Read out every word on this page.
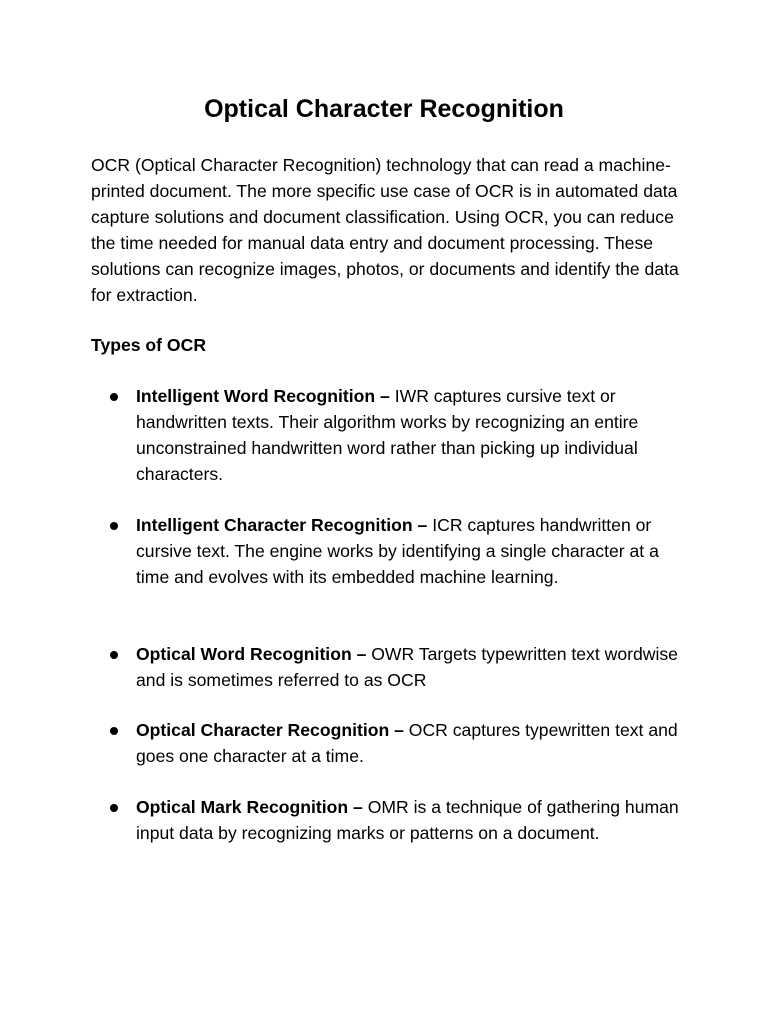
Optical Character Recognition

OCR (Optical Character Recognition) technology that can read a machine-printed document. The more specific use case of OCR is in automated data capture solutions and document classification. Using OCR, you can reduce the time needed for manual data entry and document processing. These solutions can recognize images, photos, or documents and identify the data for extraction.

Types of OCR
Intelligent Word Recognition – IWR captures cursive text or handwritten texts. Their algorithm works by recognizing an entire unconstrained handwritten word rather than picking up individual characters.
Intelligent Character Recognition – ICR captures handwritten or cursive text. The engine works by identifying a single character at a time and evolves with its embedded machine learning.
Optical Word Recognition – OWR Targets typewritten text wordwise and is sometimes referred to as OCR
Optical Character Recognition – OCR captures typewritten text and goes one character at a time.
Optical Mark Recognition – OMR is a technique of gathering human input data by recognizing marks or patterns on a document.
